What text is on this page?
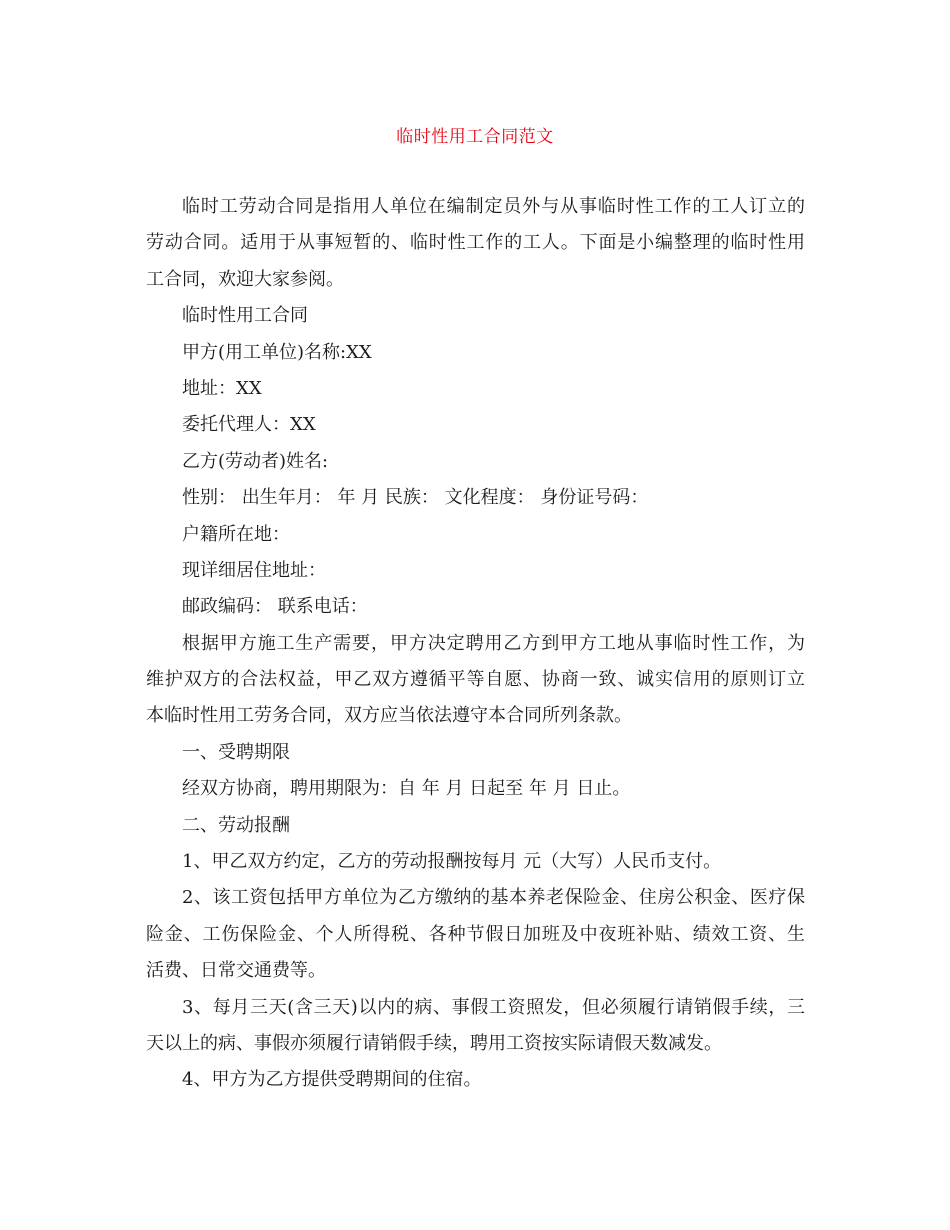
临时性用工合同范文
临时工劳动合同是指用人单位在编制定员外与从事临时性工作的工人订立的
劳动合同。适用于从事短暂的、临时性工作的工人。下面是小编整理的临时性用
工合同，欢迎大家参阅。
临时性用工合同
甲方(用工单位)名称:XX
地址：XX
委托代理人：XX
乙方(劳动者)姓名:
性别： 出生年月： 年 月 民族： 文化程度： 身份证号码：
户籍所在地：
现详细居住地址：
邮政编码： 联系电话：
根据甲方施工生产需要，甲方决定聘用乙方到甲方工地从事临时性工作，为
维护双方的合法权益，甲乙双方遵循平等自愿、协商一致、诚实信用的原则订立
本临时性用工劳务合同，双方应当依法遵守本合同所列条款。
一、受聘期限
经双方协商，聘用期限为：自 年 月 日起至 年 月 日止。
二、劳动报酬
1、甲乙双方约定，乙方的劳动报酬按每月 元（大写）人民币支付。
2、该工资包括甲方单位为乙方缴纳的基本养老保险金、住房公积金、医疗保
险金、工伤保险金、个人所得税、各种节假日加班及中夜班补贴、绩效工资、生
活费、日常交通费等。
3、每月三天(含三天)以内的病、事假工资照发，但必须履行请销假手续，三
天以上的病、事假亦须履行请销假手续，聘用工资按实际请假天数减发。
4、甲方为乙方提供受聘期间的住宿。
